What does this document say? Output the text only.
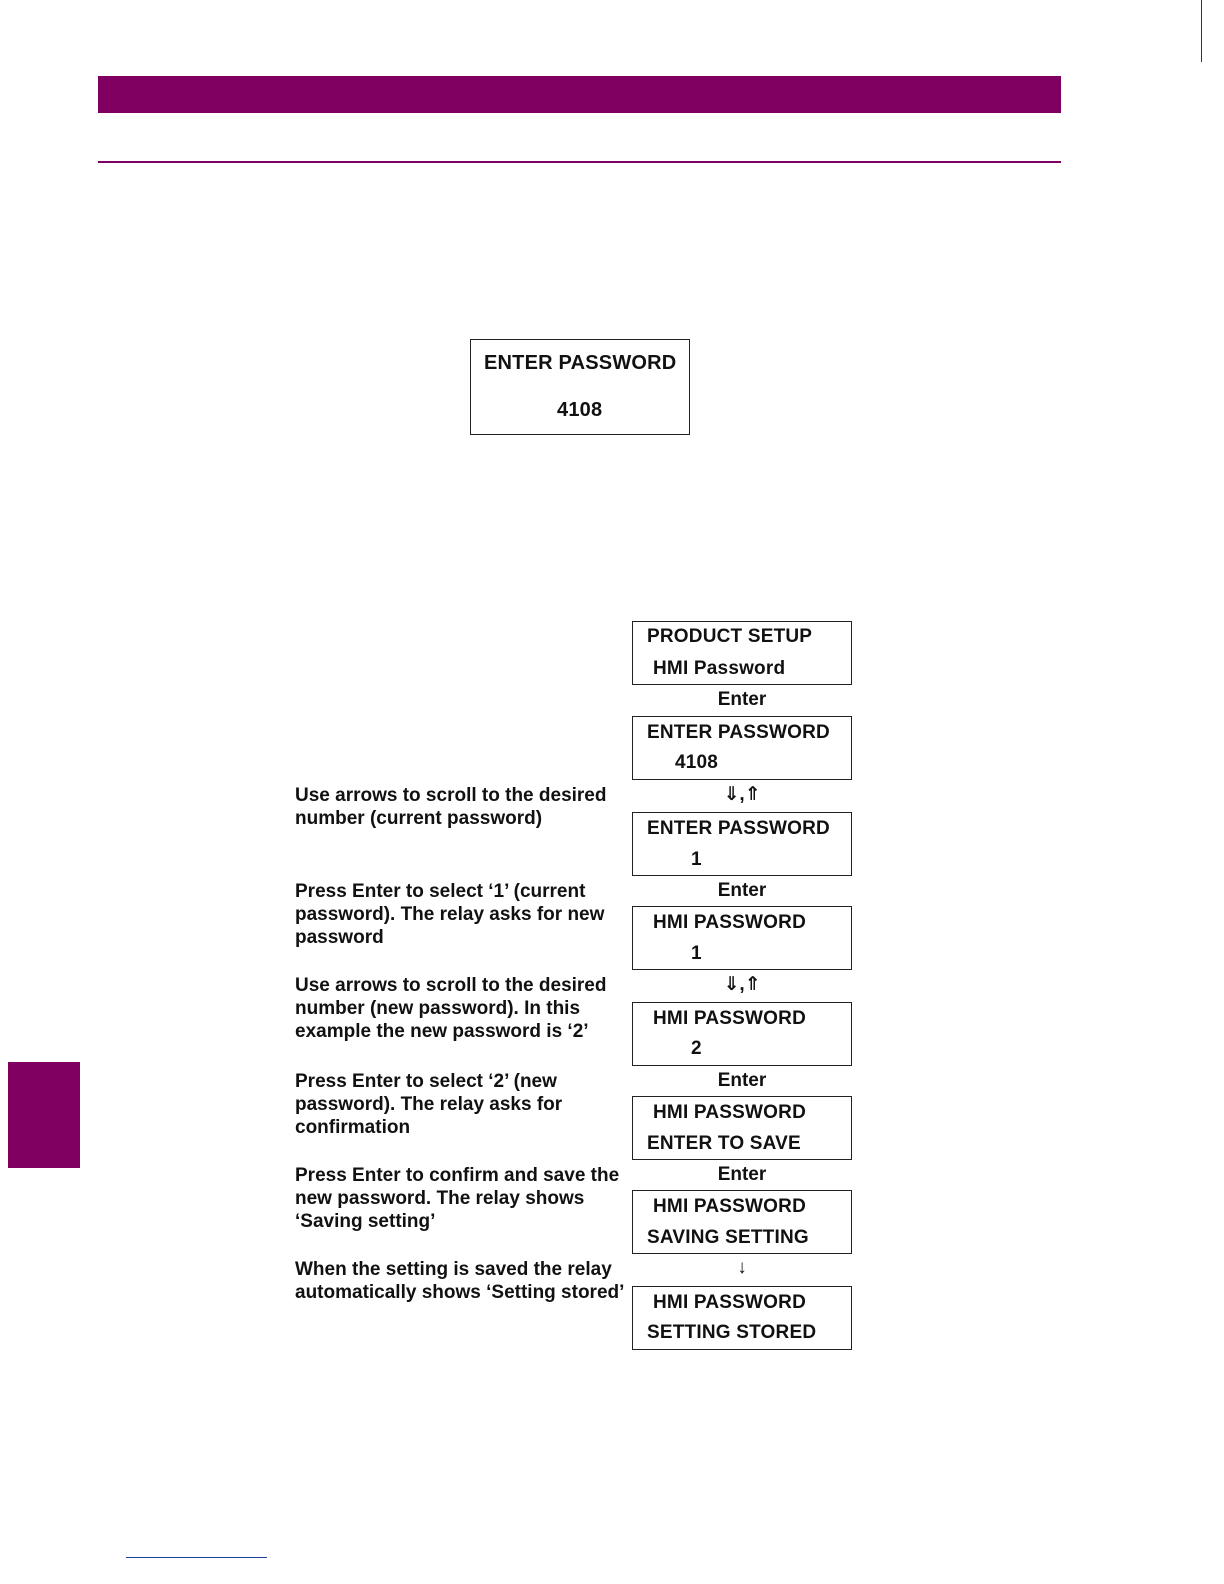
ENTER PASSWORD
4108
PRODUCT SETUP
HMI Password
Enter
ENTER PASSWORD
4108
⇓,⇑
ENTER PASSWORD
1
Enter
HMI PASSWORD
1
⇓,⇑
HMI PASSWORD
2
Enter
HMI PASSWORD
ENTER TO SAVE
Enter
HMI PASSWORD
SAVING SETTING
↓
HMI PASSWORD
SETTING STORED

Use arrows to scroll to the desired number (current password)

Press Enter to select ‘1’ (current password). The relay asks for new password

Use arrows to scroll to the desired number (new password). In this example the new password is ‘2’

Press Enter to select ‘2’ (new password). The relay asks for confirmation

Press Enter to confirm and save the new password. The relay shows ‘Saving setting’

When the setting is saved the relay automatically shows ‘Setting stored’
